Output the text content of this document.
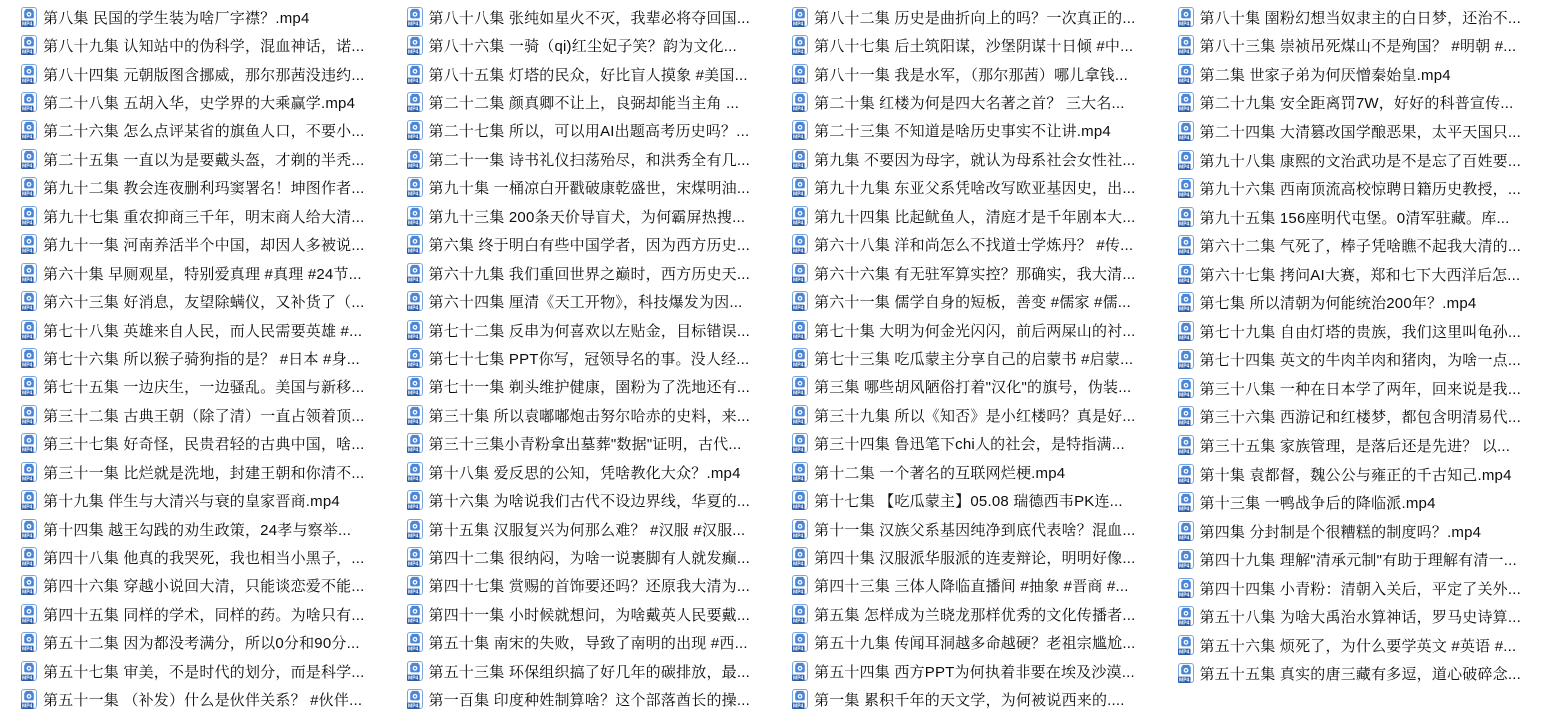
MP4 第八集 民国的学生装为啥厂字襟？.mp4
MP4 第八十九集 认知站中的伪科学，混血神话，诺...
MP4 第八十四集 元朝版图含挪威，那尔那茜没违约...
MP4 第二十八集 五胡入华，史学界的大乘赢学.mp4
MP4 第二十六集 怎么点评某省的旗鱼人口，不要小...
MP4 第二十五集 一直以为是要戴头盔，才剃的半秃...
MP4 第九十二集 教会连夜删利玛窦署名！坤图作者...
MP4 第九十七集 重农抑商三千年，明末商人给大清...
MP4 第九十一集 河南养活半个中国，却因人多被说...
MP4 第六十集 早厕观星，特别爱真理 #真理 #24节...
MP4 第六十三集 好消息，友望除螨仪，又补货了（...
MP4 第七十八集 英雄来自人民，而人民需要英雄 #...
MP4 第七十六集 所以猴子骑狗指的是？ #日本 #身...
MP4 第七十五集 一边庆生，一边骚乱。美国与新移...
MP4 第三十二集 古典王朝（除了清）一直占领着顶...
MP4 第三十七集 好奇怪，民贵君轻的古典中国，啥...
MP4 第三十一集 比烂就是洗地，封建王朝和你清不...
MP4 第十九集 伴生与大清兴与衰的皇家晋商.mp4
MP4 第十四集 越王勾践的劝生政策，24孝与察举...
MP4 第四十八集 他真的我哭死，我也相当小黑子，...
MP4 第四十六集 穿越小说回大清，只能谈恋爱不能...
MP4 第四十五集 同样的学术，同样的药。为啥只有...
MP4 第五十二集 因为都没考满分，所以0分和90分...
MP4 第五十七集 审美，不是时代的划分，而是科学...
MP4 第五十一集 （补发）什么是伙伴关系？ #伙伴...
MP4 第八十八集 张纯如星火不灭，我辈必将夺回国...
MP4 第八十六集 一骑（qi)红尘妃子笑？韵为文化...
MP4 第八十五集 灯塔的民众，好比盲人摸象 #美国...
MP4 第二十二集 颜真卿不让上，良弼却能当主角 ...
MP4 第二十七集 所以，可以用AI出题高考历史吗？...
MP4 第二十一集 诗书礼仪扫荡殆尽，和洪秀全有几...
MP4 第九十集 一桶凉白开戳破康乾盛世，宋煤明油...
MP4 第九十三集 200条天价导盲犬，为何霸屏热搜...
MP4 第六集 终于明白有些中国学者，因为西方历史...
MP4 第六十九集 我们重回世界之巅时，西方历史天...
MP4 第六十四集 厘清《天工开物》，科技爆发为因...
MP4 第七十二集 反串为何喜欢以左贴金，目标错误...
MP4 第七十七集 PPT你写，冠领导名的事。没人经...
MP4 第七十一集 剃头维护健康，圉粉为了洗地还有...
MP4 第三十集 所以袁嘟嘟炮击努尔哈赤的史料，来...
MP4 第三十三集小青粉拿出墓葬"数据"证明，古代...
MP4 第十八集 爱反思的公知，凭啥教化大众？.mp4
MP4 第十六集 为啥说我们古代不设边界线，华夏的...
MP4 第十五集 汉服复兴为何那么难？ #汉服 #汉服...
MP4 第四十二集 很纳闷，为啥一说裹脚有人就发癫...
MP4 第四十七集 赏赐的首饰要还吗？还原我大清为...
MP4 第四十一集 小时候就想问，为啥戴英人民要戴...
MP4 第五十集 南宋的失败，导致了南明的出现 #西...
MP4 第五十三集 环保组织搞了好几年的碳排放，最...
MP4 第一百集 印度种姓制算啥？这个部落酋长的操...
MP4 第八十二集 历史是曲折向上的吗？一次真正的...
MP4 第八十七集 后土筑阳谋，沙堡阴谋十日倾 #中...
MP4 第八十一集 我是水军，（那尔那茜）哪儿拿钱...
MP4 第二十集 红楼为何是四大名著之首？ 三大名...
MP4 第二十三集 不知道是啥历史事实不让讲.mp4
MP4 第九集 不要因为母字，就认为母系社会女性社...
MP4 第九十九集 东亚父系凭啥改写欧亚基因史，出...
MP4 第九十四集 比起鱿鱼人，清庭才是千年剧本大...
MP4 第六十八集 洋和尚怎么不找道士学炼丹？ #传...
MP4 第六十六集 有无驻军算实控？那确实，我大清...
MP4 第六十一集 儒学自身的短板，善变 #儒家 #儒...
MP4 第七十集 大明为何金光闪闪，前后两屎山的衬...
MP4 第七十三集 吃瓜蒙主分享自己的启蒙书 #启蒙...
MP4 第三集 哪些胡风陋俗打着"汉化"的旗号，伪装...
MP4 第三十九集 所以《知否》是小红楼吗？真是好...
MP4 第三十四集 鲁迅笔下chi人的社会，是特指满...
MP4 第十二集 一个著名的互联网烂梗.mp4
MP4 第十七集 【吃瓜蒙主】05.08 瑞德西韦PK连...
MP4 第十一集 汉族父系基因纯净到底代表啥？混血...
MP4 第四十集 汉服派华服派的连麦辩论，明明好像...
MP4 第四十三集 三体人降临直播间 #抽象 #晋商 #...
MP4 第五集 怎样成为兰晓龙那样优秀的文化传播者...
MP4 第五十九集 传闻耳洞越多命越硬？老祖宗尴尬...
MP4 第五十四集 西方PPT为何执着非要在埃及沙漠...
MP4 第一集 累积千年的天文学，为何被说西来的....
MP4 第八十集 圉粉幻想当奴隶主的白日梦，还治不...
MP4 第八十三集 崇祯吊死煤山不是殉国？ #明朝 #...
MP4 第二集 世家子弟为何厌憎秦始皇.mp4
MP4 第二十九集 安全距离罚7W，好好的科普宣传...
MP4 第二十四集 大清篡改国学酿恶果，太平天国只...
MP4 第九十八集 康熙的文治武功是不是忘了百姓要...
MP4 第九十六集 西南顶流高校惊聘日籍历史教授，...
MP4 第九十五集 156座明代屯堡。0清军驻藏。库...
MP4 第六十二集 气死了，棒子凭啥瞧不起我大清的...
MP4 第六十七集 拷问AI大赛，郑和七下大西洋后怎...
MP4 第七集 所以清朝为何能统治200年？.mp4
MP4 第七十九集 自由灯塔的贵族，我们这里叫龟孙...
MP4 第七十四集 英文的牛肉羊肉和猪肉，为啥一点...
MP4 第三十八集 一种在日本学了两年，回来说是我...
MP4 第三十六集 西游记和红楼梦，都包含明清易代...
MP4 第三十五集 家族管理，是落后还是先进？ 以...
MP4 第十集 袁都督，魏公公与雍正的千古知己.mp4
MP4 第十三集 一鸭战争后的降临派.mp4
MP4 第四集 分封制是个很糟糕的制度吗？.mp4
MP4 第四十九集 理解"清承元制"有助于理解有清一...
MP4 第四十四集 小青粉：清朝入关后，平定了关外...
MP4 第五十八集 为啥大禹治水算神话，罗马史诗算...
MP4 第五十六集 烦死了，为什么要学英文 #英语 #...
MP4 第五十五集 真实的唐三藏有多逗，道心破碎念...
